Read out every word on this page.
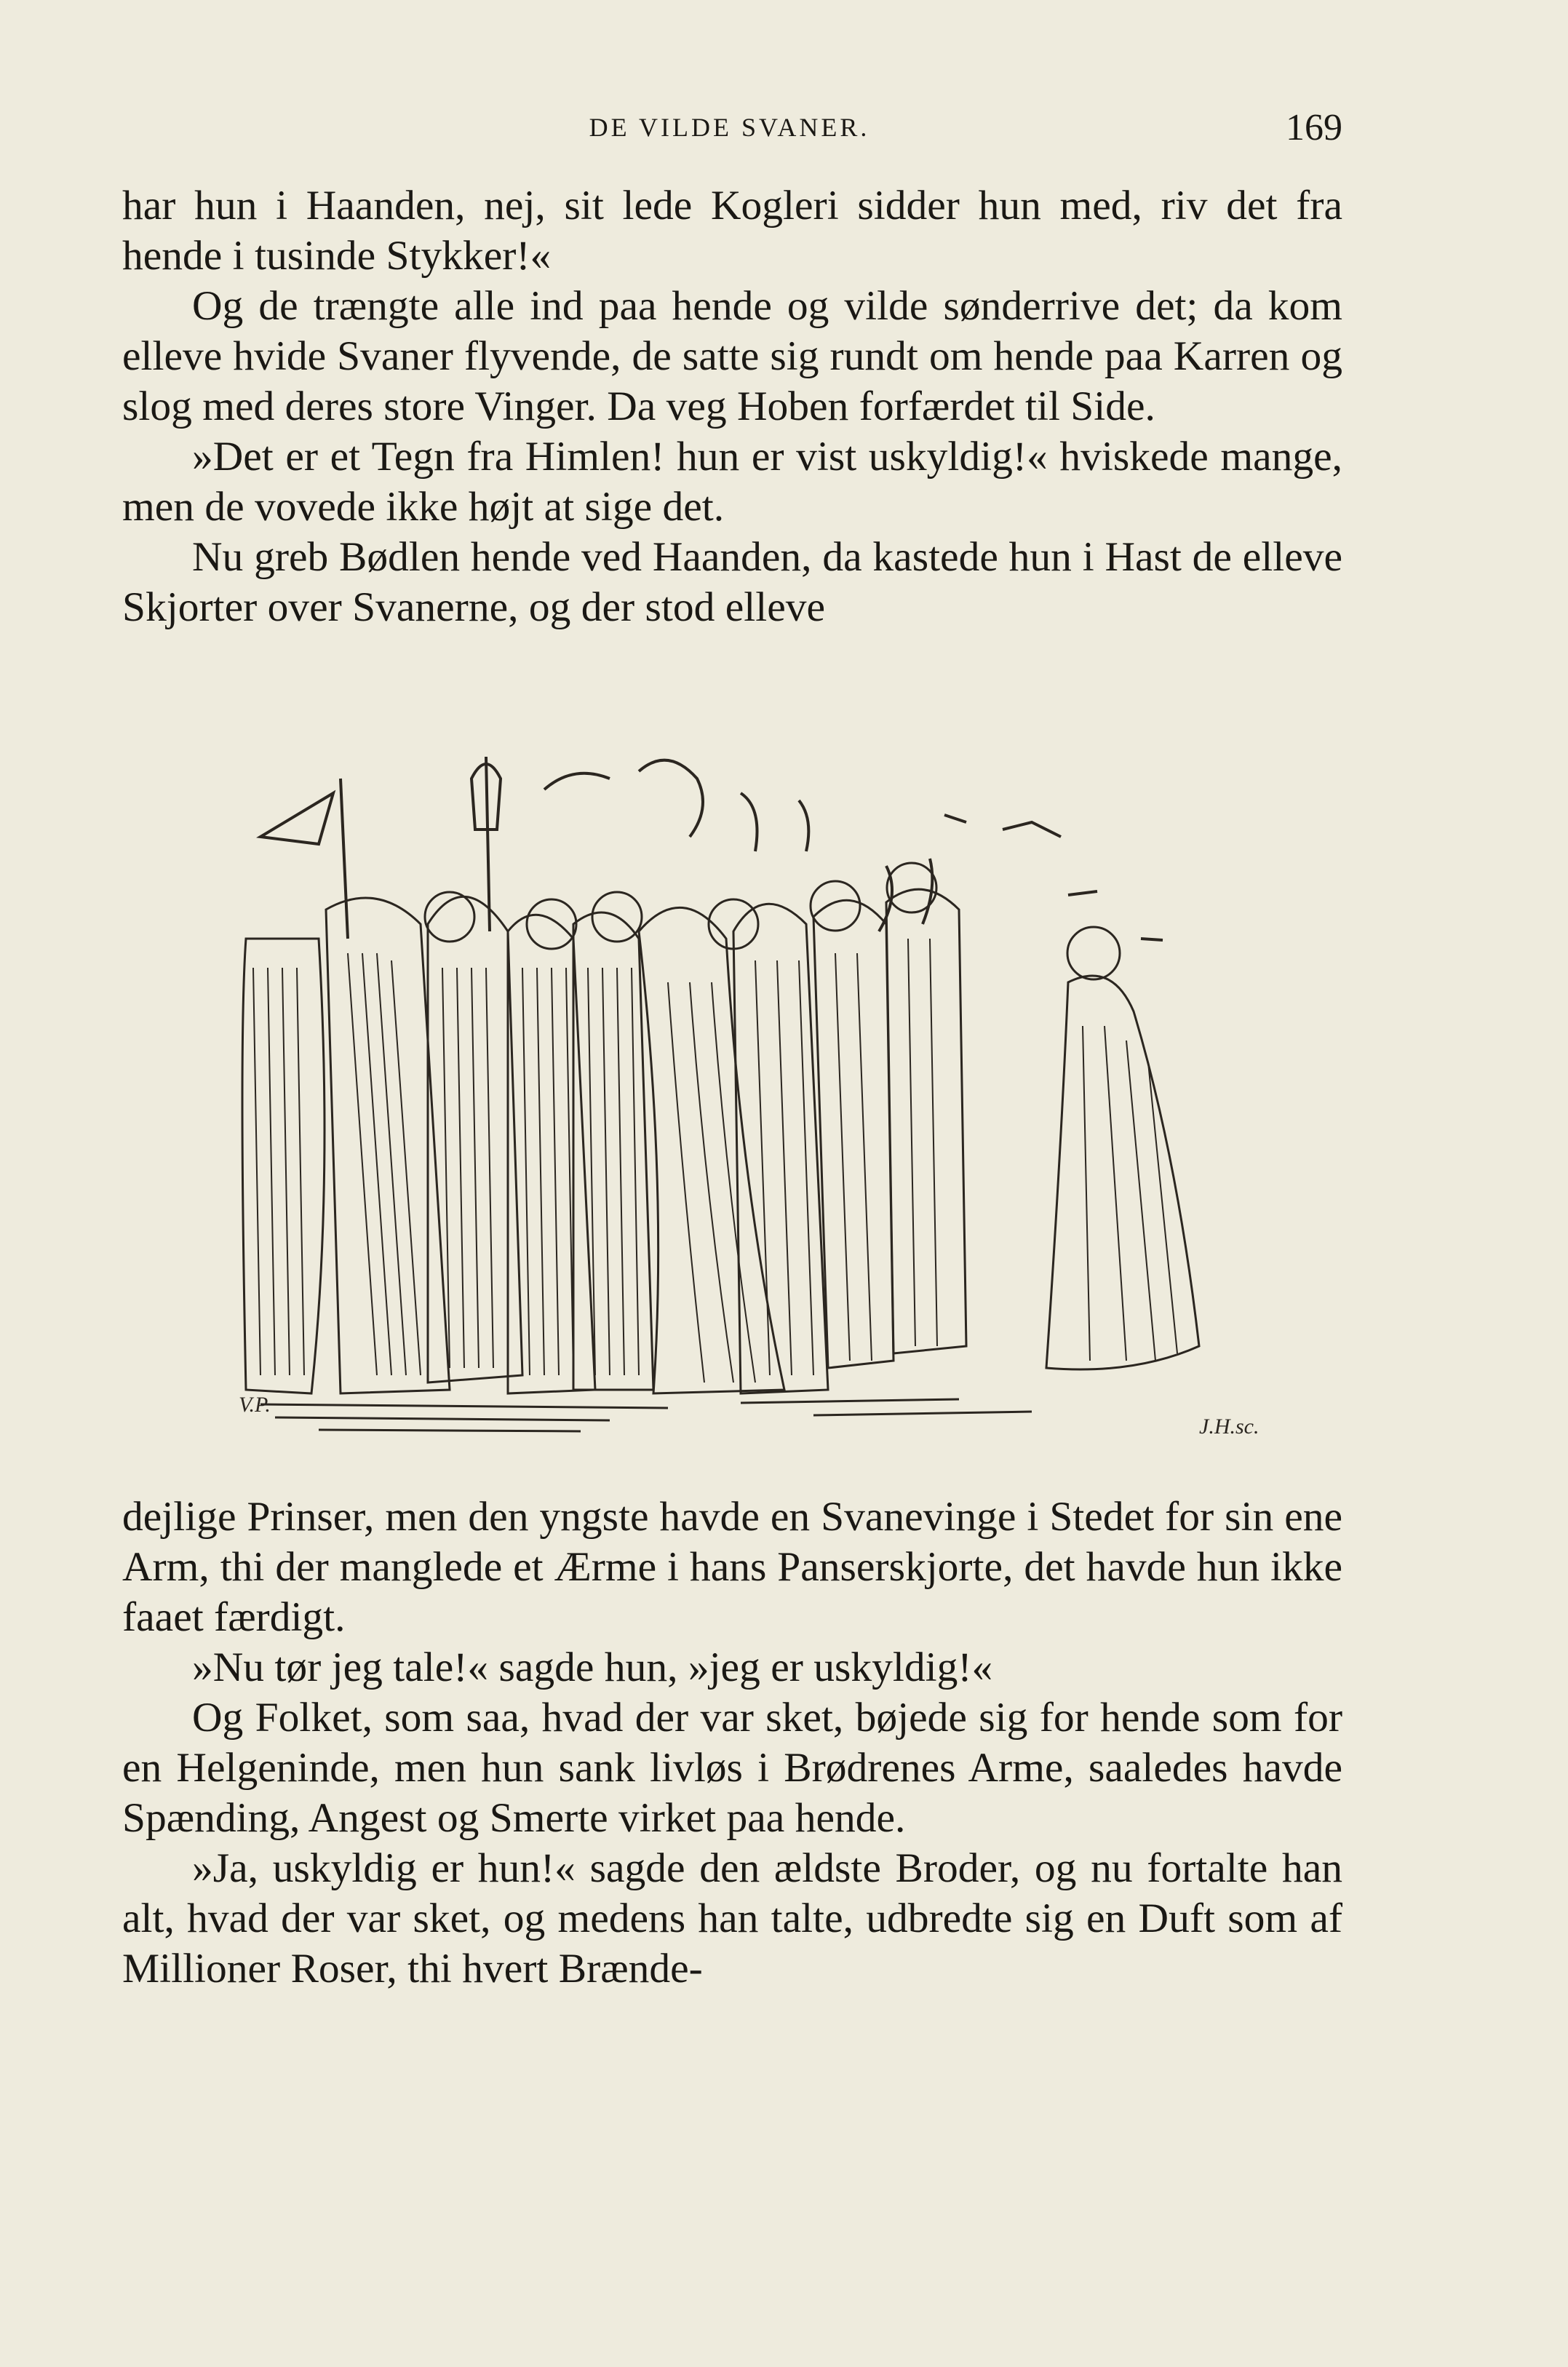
DE VILDE SVANER.	169

har hun i Haanden, nej, sit lede Kogleri sidder hun med, riv det fra hende i tusinde Stykker!«

Og de trængte alle ind paa hende og vilde sønderrive det; da kom elleve hvide Svaner flyvende, de satte sig rundt om hende paa Karren og slog med deres store Vinger. Da veg Hoben forfærdet til Side.

»Det er et Tegn fra Himlen! hun er vist uskyldig!« hviskede mange, men de vovede ikke højt at sige det.

Nu greb Bødlen hende ved Haanden, da kastede hun i Hast de elleve Skjorter over Svanerne, og der stod elleve

V.P.
J.H.sc.

dejlige Prinser, men den yngste havde en Svanevinge i Stedet for sin ene Arm, thi der manglede et Ærme i hans Panserskjorte, det havde hun ikke faaet færdigt.

»Nu tør jeg tale!« sagde hun, »jeg er uskyldig!«

Og Folket, som saa, hvad der var sket, bøjede sig for hende som for en Helgeninde, men hun sank livløs i Brødrenes Arme, saaledes havde Spænding, Angest og Smerte virket paa hende.

»Ja, uskyldig er hun!« sagde den ældste Broder, og nu fortalte han alt, hvad der var sket, og medens han talte, udbredte sig en Duft som af Millioner Roser, thi hvert Brænde-
